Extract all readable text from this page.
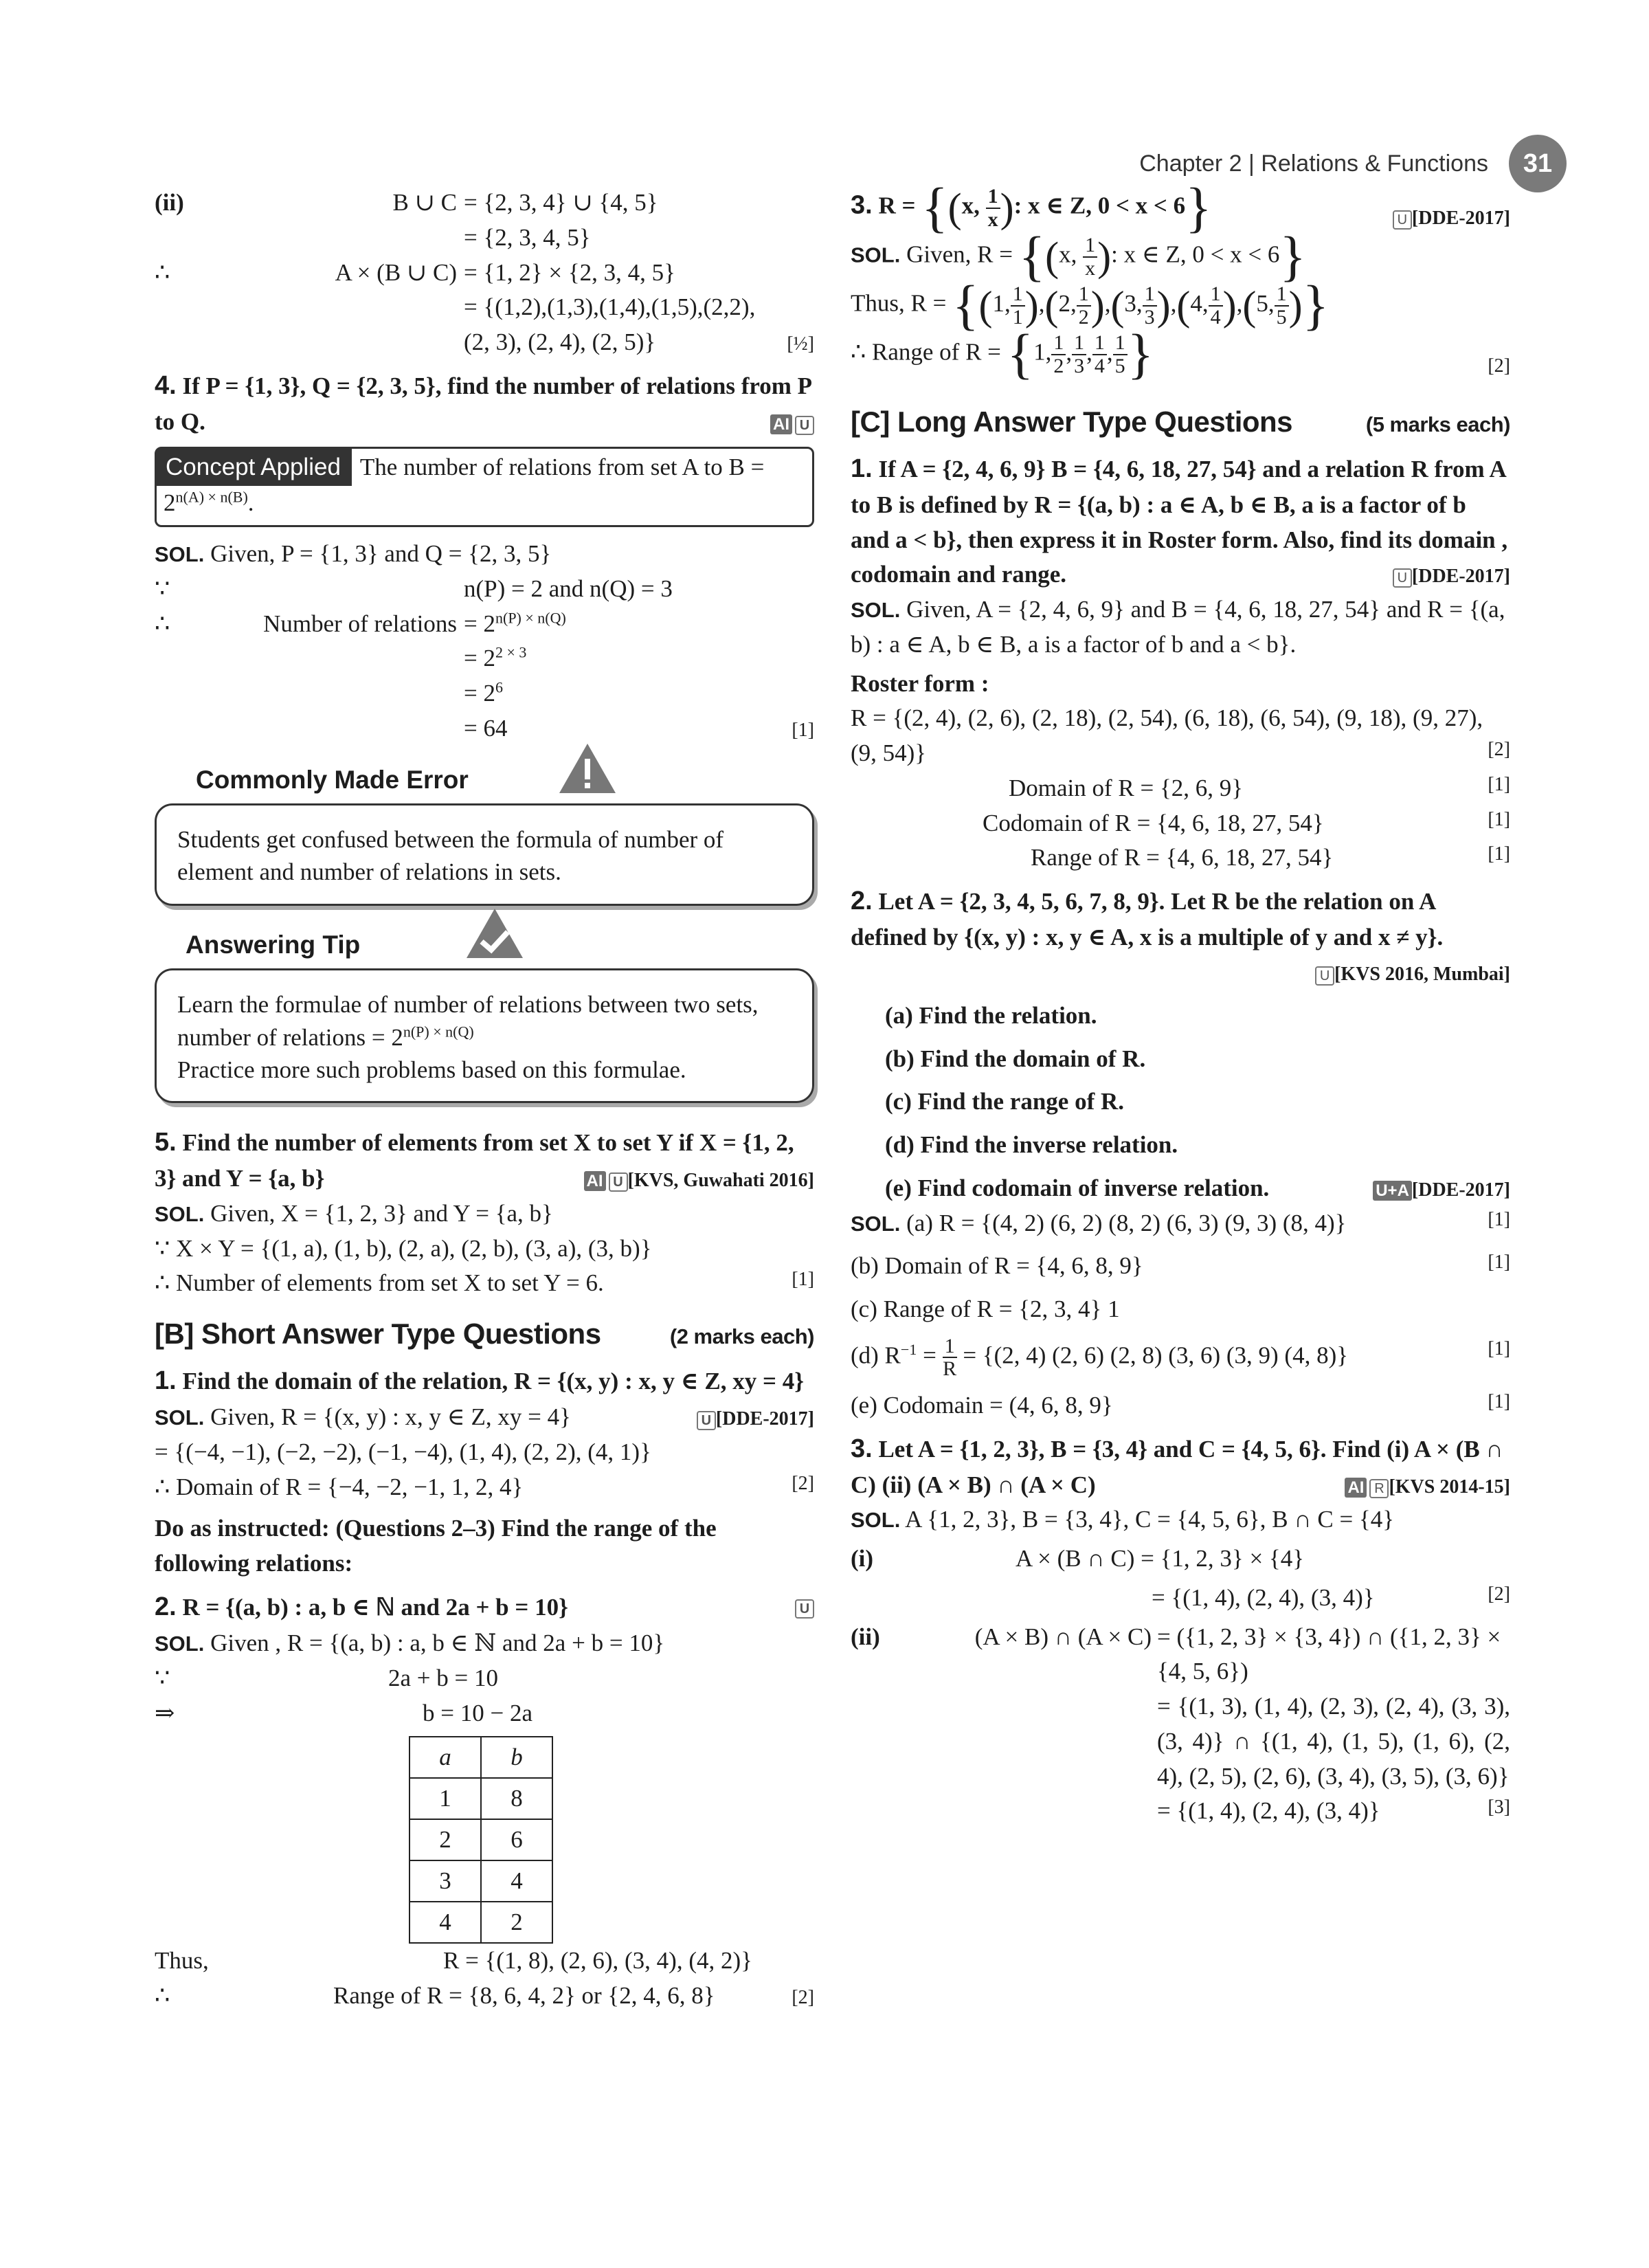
Chapter 2 | Relations & Functions	31
(ii)	B ∪ C = {2, 3, 4} ∪ {4, 5}
= {2, 3, 4, 5}
∴	A × (B ∪ C) = {1, 2} × {2, 3, 4, 5}
= {(1,2),(1,3),(1,4),(1,5),(2,2),
(2, 3), (2, 4), (2, 5)}	[½]
4. If P = {1, 3}, Q = {2, 3, 5}, find the number of relations from P to Q.	AI U
Concept Applied The number of relations from set A to $B = 2^{n(A) \times n(B)}$.
SOL. Given, P = {1, 3} and Q = {2, 3, 5}
∵	n(P) = 2 and n(Q) = 3
∴	Number of relations = $2^{n(P) \times n(Q)}$
= $2^{2 \times 3}$
= $2^6$
= 64	[1]
Commonly Made Error
Students get confused between the formula of number of element and number of relations in sets.
Answering Tip
Learn the formulae of number of relations between two sets, number of relations = $2^{n(P) \times n(Q)}$
Practice more such problems based on this formulae.
5. Find the number of elements from set X to set Y if X = {1, 2, 3} and Y = {a, b}	AI U [KVS, Guwahati 2016]
SOL. Given, X = {1, 2, 3} and Y = {a, b}
∵ X × Y = {(1, a), (1, b), (2, a), (2, b), (3, a), (3, b)}
∴ Number of elements from set X to set Y = 6.	[1]
[B] Short Answer Type Questions	(2 marks each)
1. Find the domain of the relation, R = {(x, y) : x, y ∈ Z, xy = 4}
U [DDE-2017]
SOL. Given, R = {(x, y) : x, y ∈ Z, xy = 4}
= {(−4, −1), (−2, −2), (−1, −4), (1, 4), (2, 2), (4, 1)}
∴ Domain of R = {−4, −2, −1, 1, 2, 4}	[2]
Do as instructed: (Questions 2–3) Find the range of the following relations:
2. R = {(a, b) : a, b ∈ ℕ and 2a + b = 10}	U
SOL. Given , R = {(a, b) : a, b ∈ ℕ and 2a + b = 10}
∵	2a + b = 10
⇒	b = 10 − 2a
a	b
1	8
2	6
3	4
4	2
Thus,	R = {(1, 8), (2, 6), (3, 4), (4, 2)}
∴	Range of R = {8, 6, 4, 2} or {2, 4, 6, 8}	[2]
3. R = {(x, $\frac{1}{x}$ ): x ∈ Z, 0 < x < 6}	U [DDE-2017]
SOL. Given, R = {(x, $\frac{1}{x}$ ): x ∈ Z, 0 < x < 6}
Thus, R = {(1, $\frac{1}{1} ),(2$, $\frac{1}{2} ),(3$, $\frac{1}{3} ),(4$, $\frac{1}{4} ),(5$, $\frac{1}{5}$ )}
∴ Range of R = {1, $\frac{1}{2}$ , $\frac{1}{3}$ , $\frac{1}{4}$ , $\frac{1}{5}$ }	[2]
[C] Long Answer Type Questions	(5 marks each)
1. If A = {2, 4, 6, 9} B = {4, 6, 18, 27, 54} and a relation R from A to B is defined by R = {(a, b) : a ∈ A, b ∈ B, a is a factor of b and a < b}, then express it in Roster form. Also, find its domain , codomain and range.	U [DDE-2017]
SOL. Given, A = {2, 4, 6, 9} and B = {4, 6, 18, 27, 54} and R = {(a, b) : a ∈ A, b ∈ B, a is a factor of b and a < b}.
Roster form :
R = {(2, 4), (2, 6), (2, 18), (2, 54), (6, 18), (6, 54), (9, 18), (9, 27), (9, 54)}	[2]
Domain of R = {2, 6, 9}	[1]
Codomain of R = {4, 6, 18, 27, 54}	[1]
Range of R = {4, 6, 18, 27, 54}	[1]
2. Let A = {2, 3, 4, 5, 6, 7, 8, 9}. Let R be the relation on A defined by {(x, y) : x, y ∈ A, x is a multiple of y and x ≠ y}.
U [KVS 2016, Mumbai]
(a) Find the relation.
(b) Find the domain of R.
(c) Find the range of R.
(d) Find the inverse relation.
(e) Find codomain of inverse relation.	U+A [DDE-2017]
SOL. (a) R = {(4, 2) (6, 2) (8, 2) (6, 3) (9, 3) (8, 4)}	[1]
(b) Domain of R = {4, 6, 8, 9}	[1]
(c) Range of R = {2, 3, 4} 1
(d) $R^{-1} = \frac{1}{R} = \{(2$, 4) (2, 6) (2, 8) (3, 6) (3, 9) (4, 8)}	[1]
(e) Codomain = (4, 6, 8, 9}	[1]
3. Let A = {1, 2, 3}, B = {3, 4} and C = {4, 5, 6}. Find (i) A × (B ∩ C) (ii) (A × B) ∩ (A × C)	AI R [KVS 2014-15]
SOL. A {1, 2, 3}, B = {3, 4}, C = {4, 5, 6}, B ∩ C = {4}
(i)	A × (B ∩ C) = {1, 2, 3} × {4}
= {(1, 4), (2, 4), (3, 4)}	[2]
(ii)	(A × B) ∩ (A × C) = ({1, 2, 3} × {3, 4}) ∩ ({1, 2, 3} × {4, 5, 6})
= {(1, 3), (1, 4), (2, 3), (2, 4), (3, 3), (3, 4)} ∩ {(1, 4), (1, 5), (1, 6), (2, 4), (2, 5), (2, 6), (3, 4), (3, 5), (3, 6)}
= {(1, 4), (2, 4), (3, 4)}	[3]
